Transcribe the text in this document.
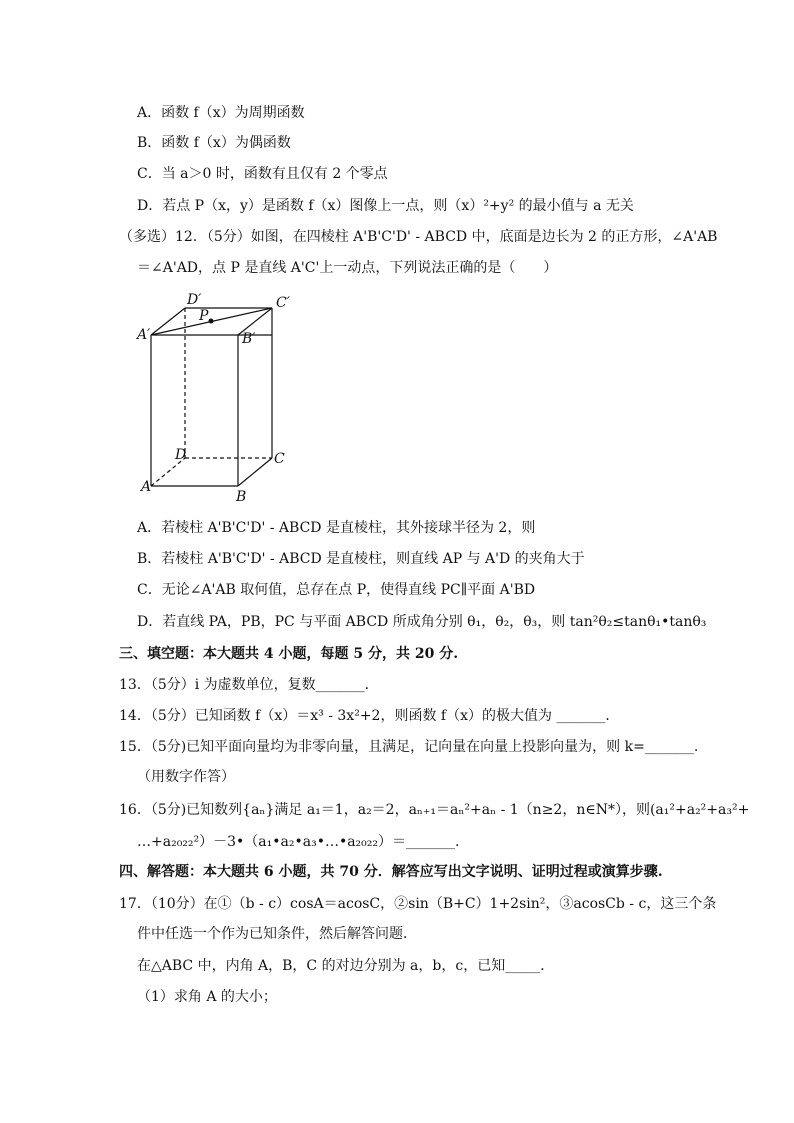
A．函数 f（x）为周期函数
B．函数 f（x）为偶函数
C．当 a＞0 时，函数有且仅有 2 个零点
D．若点 P（x，y）是函数 f（x）图像上一点，则（x）²+y² 的最小值与 a 无关
（多选）12．（5分）如图，在四棱柱 A'B'C'D' - ABCD 中，底面是边长为 2 的正方形，∠A'AB
＝∠A'AD，点 P 是直线 A'C'上一动点，下列说法正确的是（　　）
D′	C′
A′	B′
P
D	C
A
B
A．若棱柱 A'B'C'D' - ABCD 是直棱柱，其外接球半径为 2，则
B．若棱柱 A'B'C'D' - ABCD 是直棱柱，则直线 AP 与 A'D 的夹角大于
C．无论∠A'AB 取何值，总存在点 P，使得直线 PC∥平面 A'BD
D．若直线 PA，PB，PC 与平面 ABCD 所成角分别 θ₁，θ₂，θ₃，则 tan²θ₂≤tanθ₁•tanθ₃
三、填空题：本大题共 4 小题，每题 5 分，共 20 分.
13．（5分）i 为虚数单位，复数_______．
14．（5分）已知函数 f（x）＝x³ - 3x²+2，则函数 f（x）的极大值为 _______．
15．（5分)已知平面向量均为非零向量，且满足，记向量在向量上投影向量为，则 k=_______.
（用数字作答）
16．（5分)已知数列{aₙ}满足 a₁＝1，a₂＝2，aₙ₊₁＝aₙ²+aₙ - 1（n≥2，n∈N*），则(a₁²+a₂²+a₃²+
…+a₂₀₂₂²）－3•（a₁•a₂•a₃•…•a₂₀₂₂）＝_______.
四、解答题：本大题共 6 小题，共 70 分．解答应写出文字说明、证明过程或演算步骤.
17．（10分）在①（b - c）cosA＝acosC，②sin（B+C）1+2sin²，③acosCb - c，这三个条
件中任选一个作为已知条件，然后解答问题．
在△ABC 中，内角 A，B，C 的对边分别为 a，b，c，已知_____．
（1）求角 A 的大小；
